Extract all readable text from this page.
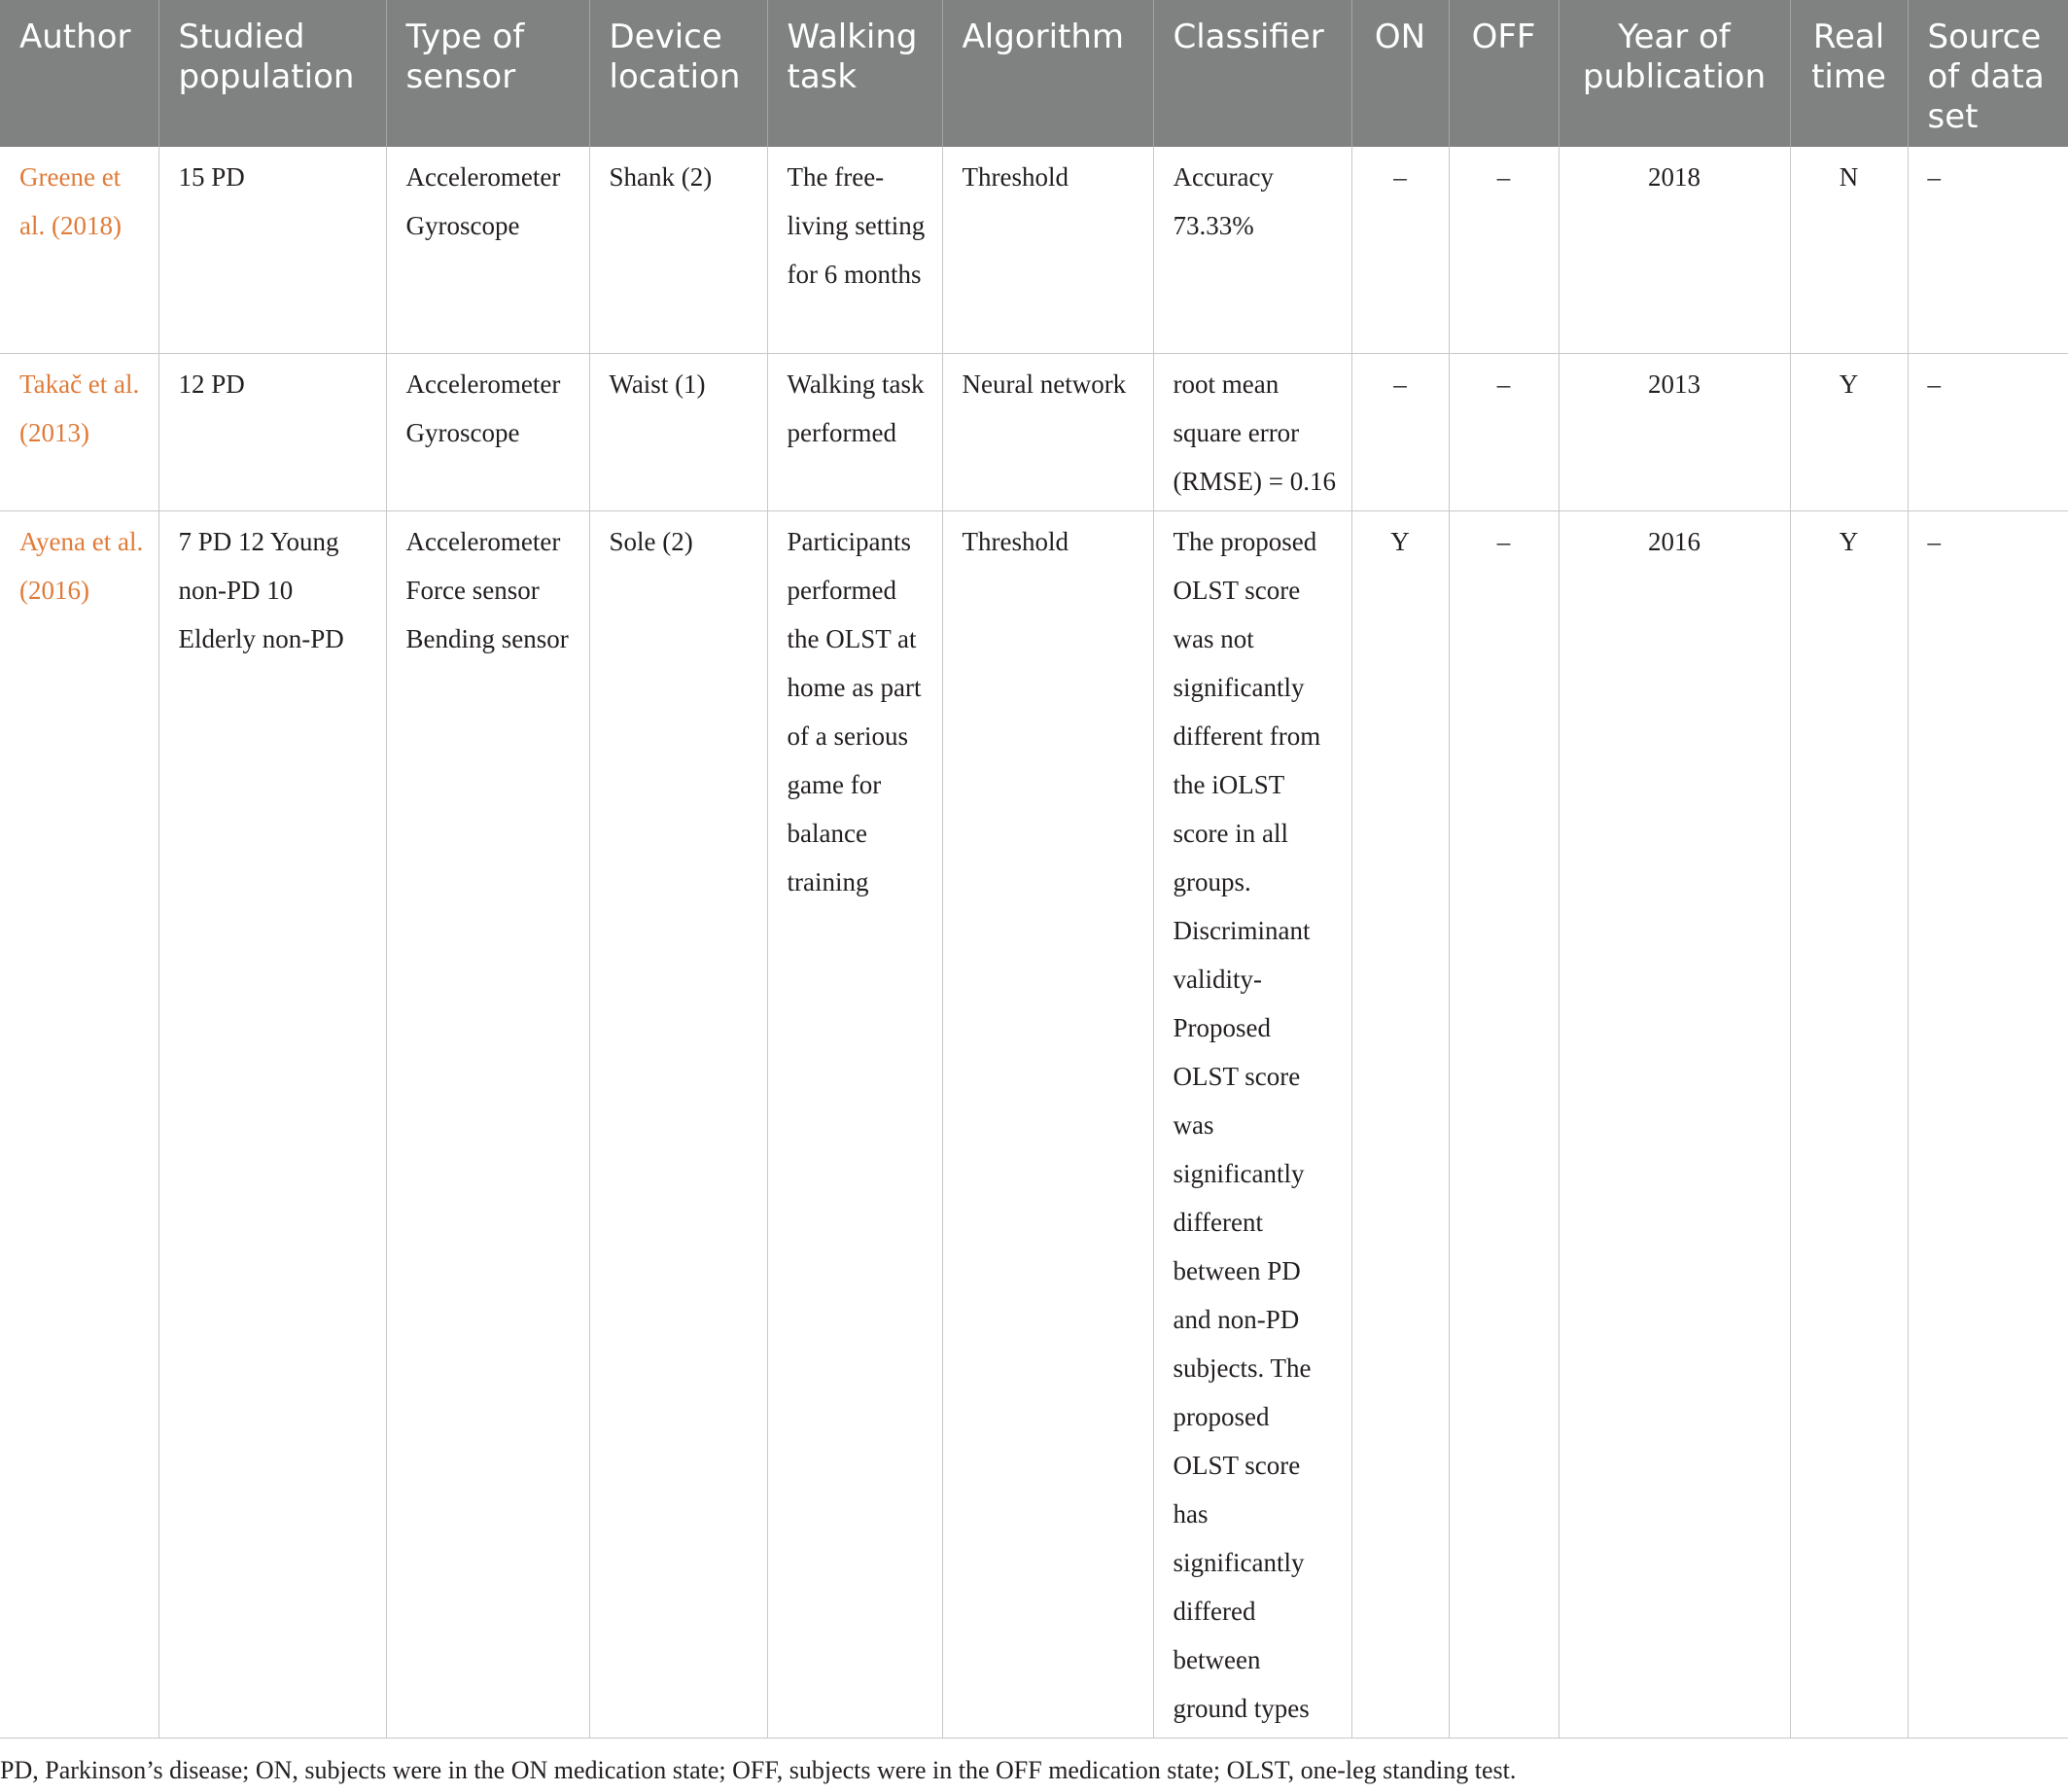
Author	Studied population	Type of sensor	Device location	Walking task	Algorithm	Classifier	ON	OFF	Year of publication	Real time	Source of data set
Greene et al. (2018)	15 PD	Accelerometer Gyroscope	Shank (2)	The free-living setting for 6 months	Threshold	Accuracy 73.33%	–	–	2018	N	–
Takač et al. (2013)	12 PD	Accelerometer Gyroscope	Waist (1)	Walking task performed	Neural network	root mean square error (RMSE) = 0.16	–	–	2013	Y	–
Ayena et al. (2016)	7 PD 12 Young non-PD 10 Elderly non-PD	Accelerometer Force sensor Bending sensor	Sole (2)	Participants performed the OLST at home as part of a serious game for balance training	Threshold	The proposed OLST score was not significantly different from the iOLST score in all groups. Discriminant validity-Proposed OLST score was significantly different between PD and non-PD subjects. The proposed OLST score has significantly differed between ground types	Y	–	2016	Y	–
PD, Parkinson’s disease; ON, subjects were in the ON medication state; OFF, subjects were in the OFF medication state; OLST, one-leg standing test.
